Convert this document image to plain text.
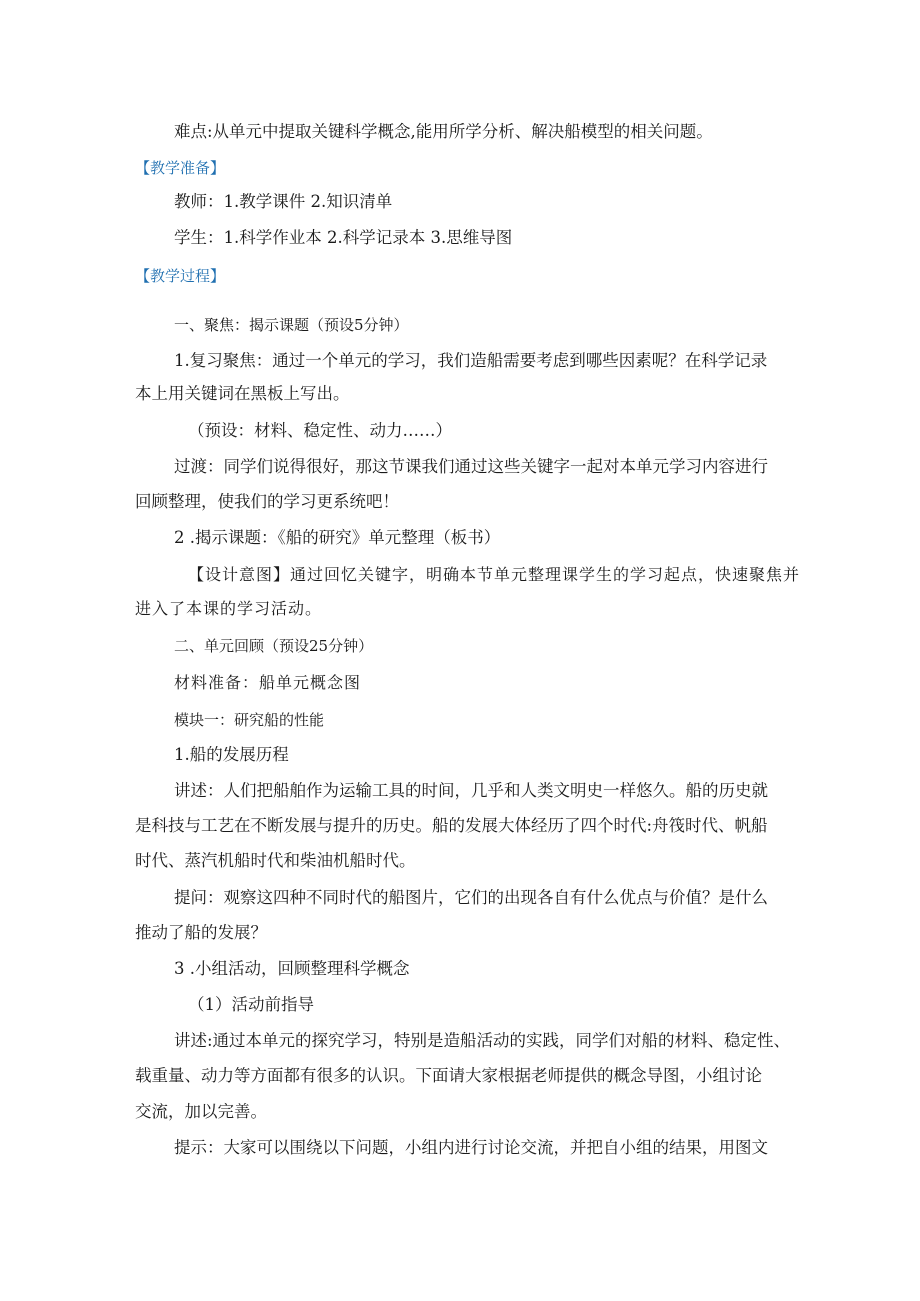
难点:从单元中提取关键科学概念,能用所学分析、解决船模型的相关问题。
【教学准备】
教师：1.教学课件 2.知识清单
学生：1.科学作业本 2.科学记录本 3.思维导图
【教学过程】
一、聚焦：揭示课题（预设5分钟）
1.复习聚焦：通过一个单元的学习，我们造船需要考虑到哪些因素呢？在科学记录
本上用关键词在黑板上写出。
（预设：材料、稳定性、动力……）
过渡：同学们说得很好，那这节课我们通过这些关键字一起对本单元学习内容进行
回顾整理，使我们的学习更系统吧！
2 .揭示课题：《船的研究》单元整理（板书）
【设计意图】通过回忆关键字，明确本节单元整理课学生的学习起点，快速聚焦并
进入了本课的学习活动。
二、单元回顾（预设25分钟）
材料准备：船单元概念图
模块一：研究船的性能
1.船的发展历程
讲述：人们把船舶作为运输工具的时间，几乎和人类文明史一样悠久。船的历史就
是科技与工艺在不断发展与提升的历史。船的发展大体经历了四个时代:舟筏时代、帆船
时代、蒸汽机船时代和柴油机船时代。
提问：观察这四种不同时代的船图片，它们的出现各自有什么优点与价值？是什么
推动了船的发展？
3 .小组活动，回顾整理科学概念
（1）活动前指导
讲述:通过本单元的探究学习，特别是造船活动的实践，同学们对船的材料、稳定性、
载重量、动力等方面都有很多的认识。下面请大家根据老师提供的概念导图，小组讨论
交流，加以完善。
提示：大家可以围绕以下问题，小组内进行讨论交流，并把自小组的结果，用图文
